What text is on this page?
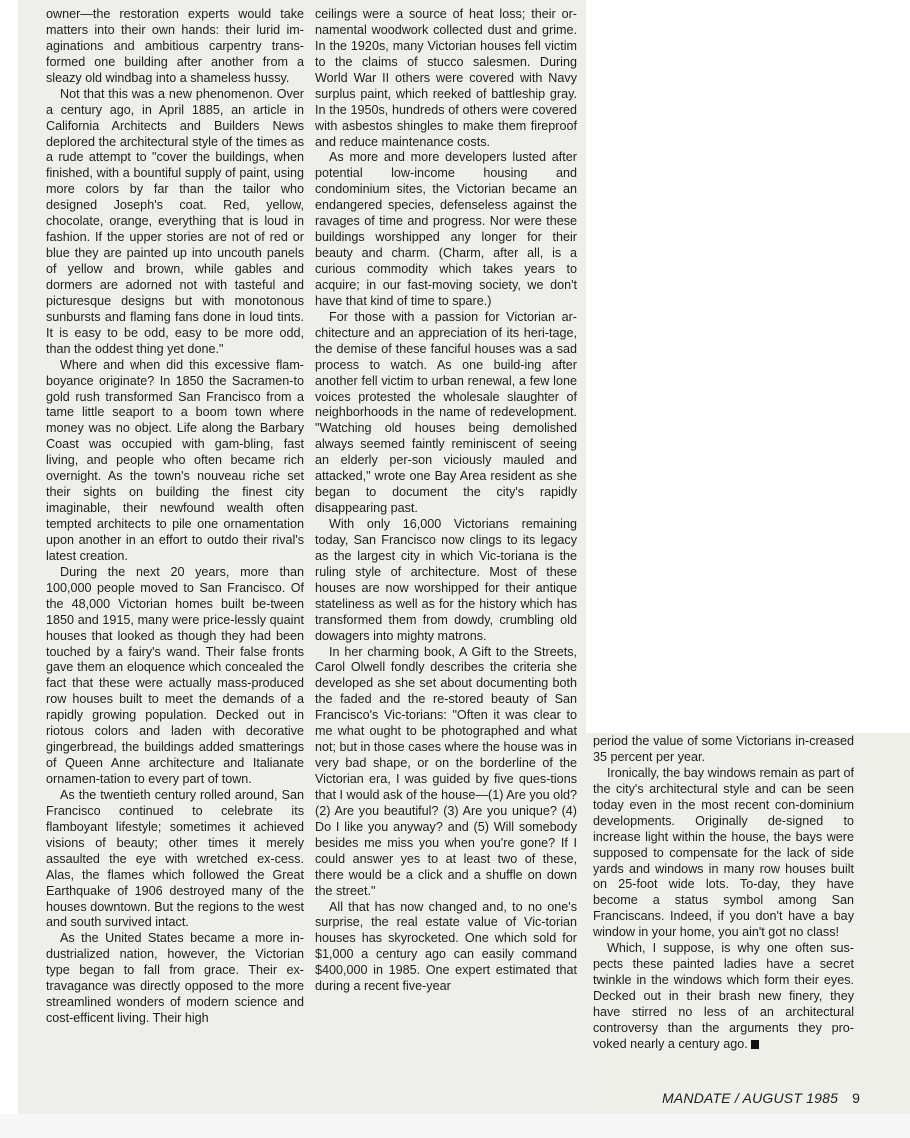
owner—the restoration experts would take matters into their own hands: their lurid im-aginations and ambitious carpentry trans-formed one building after another from a sleazy old windbag into a shameless hussy.

Not that this was a new phenomenon. Over a century ago, in April 1885, an article in California Architects and Builders News deplored the architectural style of the times as a rude attempt to "cover the buildings, when finished, with a bountiful supply of paint, using more colors by far than the tailor who designed Joseph's coat. Red, yellow, chocolate, orange, everything that is loud in fashion. If the upper stories are not of red or blue they are painted up into uncouth panels of yellow and brown, while gables and dormers are adorned not with tasteful and picturesque designs but with monotonous sunbursts and flaming fans done in loud tints. It is easy to be odd, easy to be more odd, than the oddest thing yet done."

Where and when did this excessive flam-boyance originate? In 1850 the Sacramen-to gold rush transformed San Francisco from a tame little seaport to a boom town where money was no object. Life along the Barbary Coast was occupied with gam-bling, fast living, and people who often became rich overnight. As the town's nouveau riche set their sights on building the finest city imaginable, their newfound wealth often tempted architects to pile one ornamentation upon another in an effort to outdo their rival's latest creation.

During the next 20 years, more than 100,000 people moved to San Francisco. Of the 48,000 Victorian homes built be-tween 1850 and 1915, many were price-lessly quaint houses that looked as though they had been touched by a fairy's wand. Their false fronts gave them an eloquence which concealed the fact that these were actually mass-produced row houses built to meet the demands of a rapidly growing population. Decked out in riotous colors and laden with decorative gingerbread, the buildings added smatterings of Queen Anne architecture and Italianate ornamen-tation to every part of town.

As the twentieth century rolled around, San Francisco continued to celebrate its flamboyant lifestyle; sometimes it achieved visions of beauty; other times it merely assaulted the eye with wretched ex-cess. Alas, the flames which followed the Great Earthquake of 1906 destroyed many of the houses downtown. But the regions to the west and south survived intact.

As the United States became a more in-dustrialized nation, however, the Victorian type began to fall from grace. Their ex-travagance was directly opposed to the more streamlined wonders of modern science and cost-efficent living. Their high

ceilings were a source of heat loss; their or-namental woodwork collected dust and grime. In the 1920s, many Victorian houses fell victim to the claims of stucco salesmen. During World War II others were covered with Navy surplus paint, which reeked of battleship gray. In the 1950s, hundreds of others were covered with asbestos shingles to make them fireproof and reduce maintenance costs.

As more and more developers lusted after potential low-income housing and condominium sites, the Victorian became an endangered species, defenseless against the ravages of time and progress. Nor were these buildings worshipped any longer for their beauty and charm. (Charm, after all, is a curious commodity which takes years to acquire; in our fast-moving society, we don't have that kind of time to spare.)

For those with a passion for Victorian ar-chitecture and an appreciation of its heri-tage, the demise of these fanciful houses was a sad process to watch. As one build-ing after another fell victim to urban renewal, a few lone voices protested the wholesale slaughter of neighborhoods in the name of redevelopment. "Watching old houses being demolished always seemed faintly reminiscent of seeing an elderly per-son viciously mauled and attacked," wrote one Bay Area resident as she began to document the city's rapidly disappearing past.

With only 16,000 Victorians remaining today, San Francisco now clings to its legacy as the largest city in which Vic-toriana is the ruling style of architecture. Most of these houses are now worshipped for their antique stateliness as well as for the history which has transformed them from dowdy, crumbling old dowagers into mighty matrons.

In her charming book, A Gift to the Streets, Carol Olwell fondly describes the criteria she developed as she set about documenting both the faded and the re-stored beauty of San Francisco's Vic-torians: "Often it was clear to me what ought to be photographed and what not; but in those cases where the house was in very bad shape, or on the borderline of the Victorian era, I was guided by five ques-tions that I would ask of the house—(1) Are you old? (2) Are you beautiful? (3) Are you unique? (4) Do I like you anyway? and (5) Will somebody besides me miss you when you're gone? If I could answer yes to at least two of these, there would be a click and a shuffle on down the street."

All that has now changed and, to no one's surprise, the real estate value of Vic-torian houses has skyrocketed. One which sold for $1,000 a century ago can easily command $400,000 in 1985. One expert estimated that during a recent five-year

period the value of some Victorians in-creased 35 percent per year.

Ironically, the bay windows remain as part of the city's architectural style and can be seen today even in the most recent con-dominium developments. Originally de-signed to increase light within the house, the bays were supposed to compensate for the lack of side yards and windows in many row houses built on 25-foot wide lots. To-day, they have become a status symbol among San Franciscans. Indeed, if you don't have a bay window in your home, you ain't got no class!

Which, I suppose, is why one often sus-pects these painted ladies have a secret twinkle in the windows which form their eyes. Decked out in their brash new finery, they have stirred no less of an architectural controversy than the arguments they pro-voked nearly a century ago.

MANDATE / AUGUST 1985 9
